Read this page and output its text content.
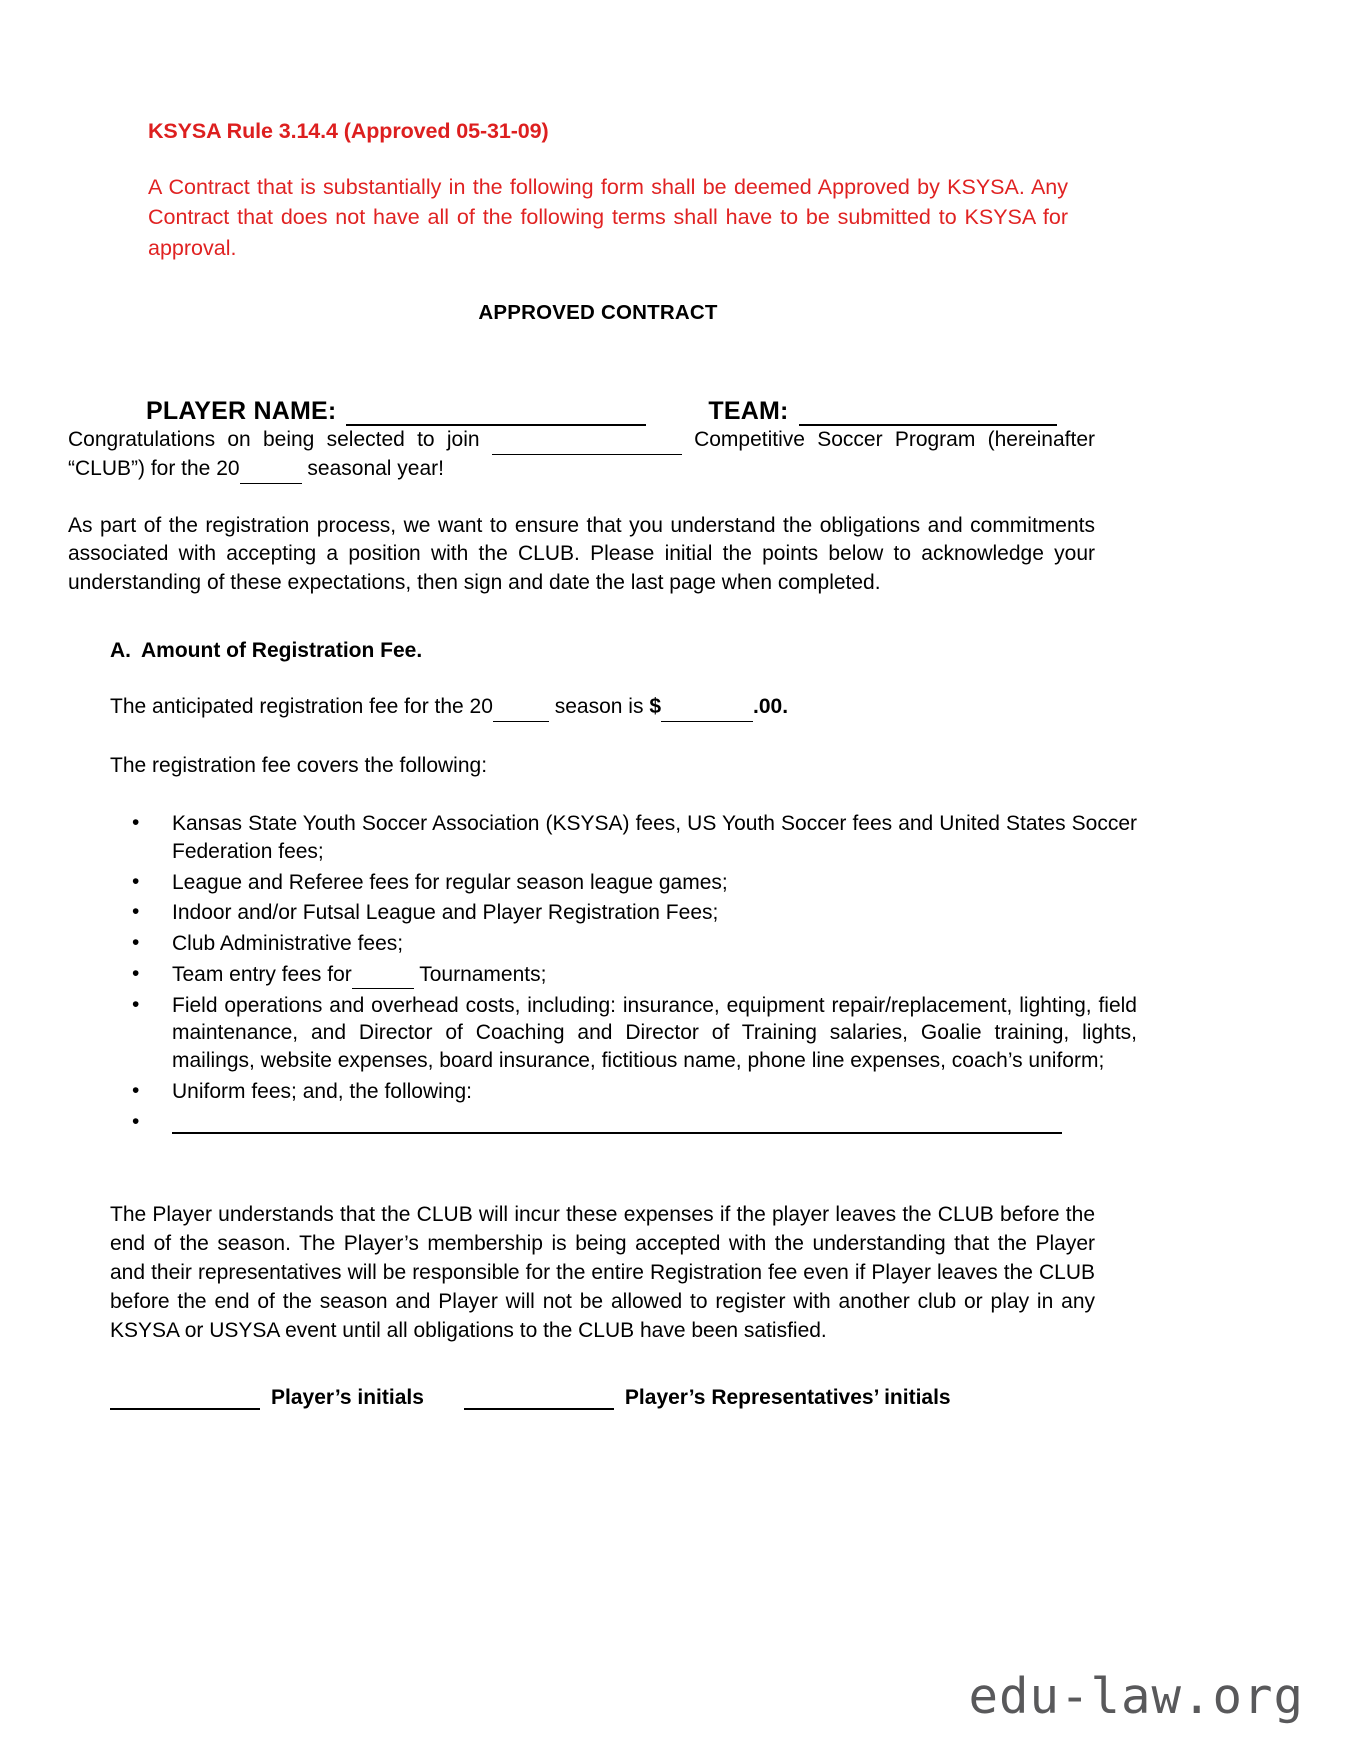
KSYSA Rule 3.14.4 (Approved 05-31-09)
A Contract that is substantially in the following form shall be deemed Approved by KSYSA. Any Contract that does not have all of the following terms shall have to be submitted to KSYSA for approval.
APPROVED CONTRACT
PLAYER NAME:	TEAM:

Congratulations on being selected to join	Competitive Soccer Program (hereinafter “CLUB”) for the 20	seasonal year!

As part of the registration process, we want to ensure that you understand the obligations and commitments associated with accepting a position with the CLUB. Please initial the points below to acknowledge your understanding of these expectations, then sign and date the last page when completed.

A. Amount of Registration Fee.

The anticipated registration fee for the 20	season is $	.00.

The registration fee covers the following:

• Kansas State Youth Soccer Association (KSYSA) fees, US Youth Soccer fees and United States Soccer Federation fees;
• League and Referee fees for regular season league games;
• Indoor and/or Futsal League and Player Registration Fees;
• Club Administrative fees;
• Team entry fees for	Tournaments;
• Field operations and overhead costs, including: insurance, equipment repair/replacement, lighting, field maintenance, and Director of Coaching and Director of Training salaries, Goalie training, lights, mailings, website expenses, board insurance, fictitious name, phone line expenses, coach’s uniform;
• Uniform fees; and, the following:
•

The Player understands that the CLUB will incur these expenses if the player leaves the CLUB before the end of the season. The Player’s membership is being accepted with the understanding that the Player and their representatives will be responsible for the entire Registration fee even if Player leaves the CLUB before the end of the season and Player will not be allowed to register with another club or play in any KSYSA or USYSA event until all obligations to the CLUB have been satisfied.

Player’s initials	Player’s Representatives’ initials
edu-law.org
